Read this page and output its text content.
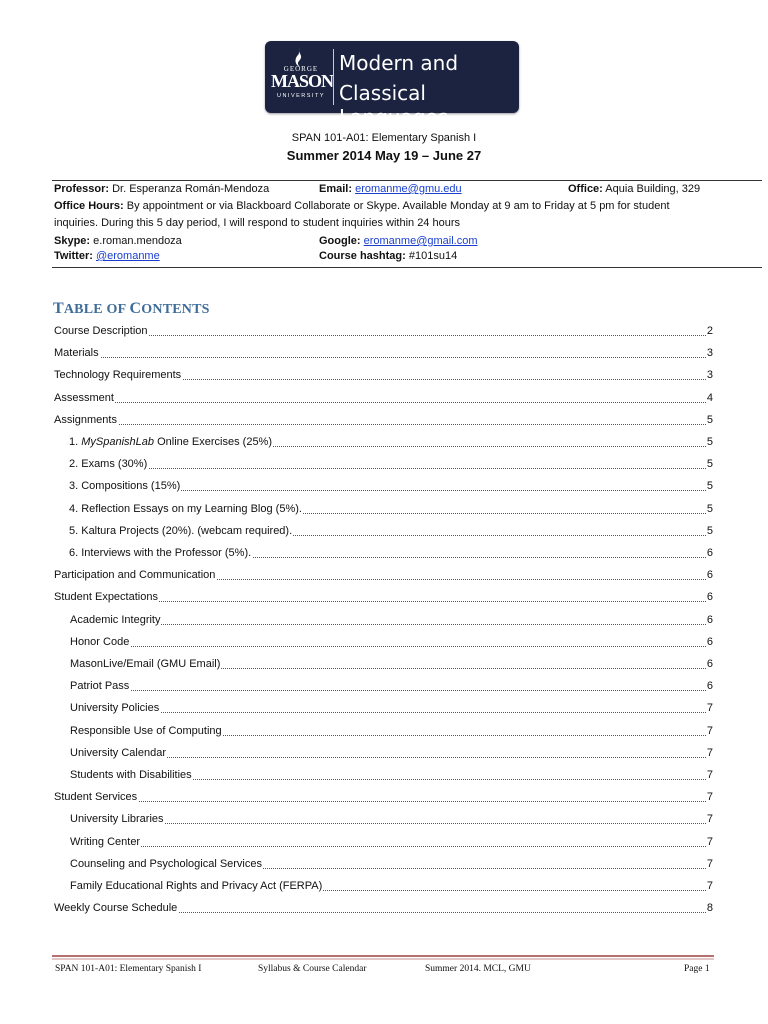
GEORGE
MASON
UNIVERSITY
Modern and
Classical Languages
SPAN 101-A01: Elementary Spanish I
Summer 2014 May 19 – June 27
Professor: Dr. Esperanza Román-Mendoza	Email: eromanme@gmu.edu	Office: Aquia Building, 329
Office Hours: By appointment or via Blackboard Collaborate or Skype. Available Monday at 9 am to Friday at 5 pm for student
inquiries. During this 5 day period, I will respond to student inquiries within 24 hours
Skype: e.roman.mendoza	Google: eromanme@gmail.com
Twitter: @eromanme	Course hashtag: #101su14
TABLE OF CONTENTS
Course Description	2
Materials	3
Technology Requirements	3
Assessment	4
Assignments	5
1. MySpanishLab Online Exercises (25%)	5
2. Exams (30%)	5
3. Compositions (15%)	5
4. Reflection Essays on my Learning Blog (5%).	5
5. Kaltura Projects (20%). (webcam required).	5
6. Interviews with the Professor (5%).	6
Participation and Communication	6
Student Expectations	6
Academic Integrity	6
Honor Code	6
MasonLive/Email (GMU Email)	6
Patriot Pass	6
University Policies	7
Responsible Use of Computing	7
University Calendar	7
Students with Disabilities	7
Student Services	7
University Libraries	7
Writing Center	7
Counseling and Psychological Services	7
Family Educational Rights and Privacy Act (FERPA)	7
Weekly Course Schedule	8
SPAN 101-A01: Elementary Spanish I	Syllabus & Course Calendar	Summer 2014. MCL, GMU	Page 1
